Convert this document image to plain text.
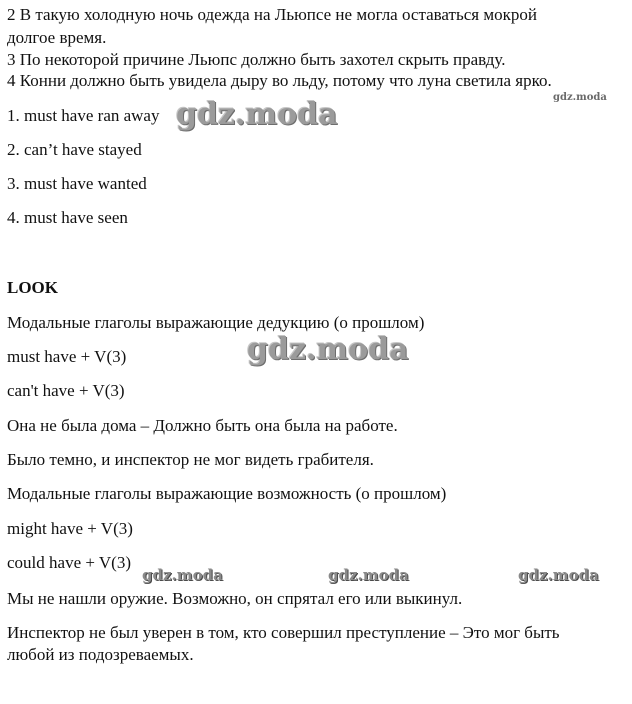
2 В такую холодную ночь одежда на Льюпсе не могла оставаться мокрой
долгое время.
3 По некоторой причине Льюпс должно быть захотел скрыть правду.
4 Конни должно быть увидела дыру во льду, потому что луна светила ярко.
gdz.moda
1. must have ran away gdz.moda
2. can’t have stayed
3. must have wanted
4. must have seen
LOOK
Модальные глаголы выражающие дедукцию (о прошлом)
gdz.moda
must have + V(3)
can't have + V(3)
Она не была дома – Должно быть она была на работе.
Было темно, и инспектор не мог видеть грабителя.
Модальные глаголы выражающие возможность (о прошлом)
might have + V(3)
could have + V(3)
gdz.moda	gdz.moda	gdz.moda
Мы не нашли оружие. Возможно, он спрятал его или выкинул.
Инспектор не был уверен в том, кто совершил преступление – Это мог быть
любой из подозреваемых.
